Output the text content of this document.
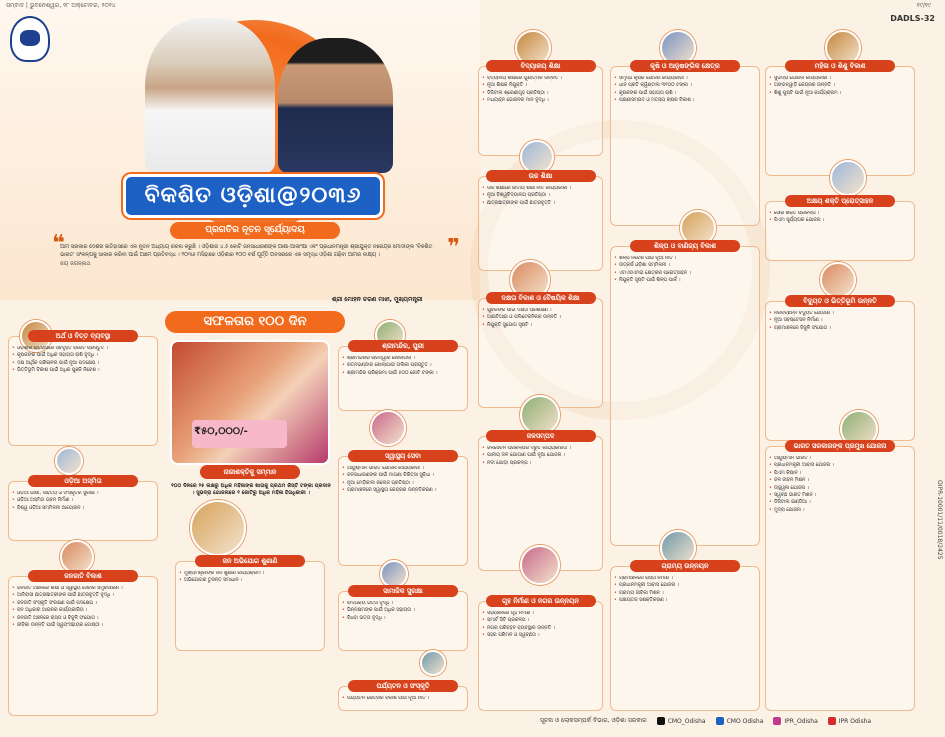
ସମ୍ବାଦ | ଭୁବନେଶ୍ୱର, ୧୮ ଅକ୍ଟୋବର, ୨୦୨୪	୧୯/୧୯
DADLS-32
ବିକଶିତ ଓଡ଼ିଶା@୨୦୩୬
ପ୍ରଗତିର ନୂତନ ସୂର୍ଯ୍ୟୋଦୟ
❝
ଆମ ସରକାର ଦେଶର ଇତିହାସରେ ଏକ ନୂତନ ଅଧ୍ୟାୟ ରଚନା କରୁଛି । ଓଡ଼ିଶାର ୪.୫ କୋଟି ଜନସାଧାରଣଙ୍କ ଆଶା-ଆକାଂକ୍ଷା ଏବଂ ପ୍ରଧାନମନ୍ତ୍ରୀ ଶ୍ରୀଯୁକ୍ତ ନରେନ୍ଦ୍ର ମୋଦୀଙ୍କ 'ବିକଶିତ ଭାରତ' ସଂକଳ୍ପକୁ ସାକାର କରିବା ପାଇଁ ଆମେ ପ୍ରତିବଦ୍ଧ । ୨୦୩୬ ମସିହାରେ ଓଡ଼ିଶାର ୧୦୦ ବର୍ଷ ପୂର୍ତ୍ତି ଅବସରରେ ଏକ ସମୃଦ୍ଧ ଓଡ଼ିଶା ଗଢ଼ିବା ଆମର ଲକ୍ଷ୍ୟ ।
ଜୟ ଜଗନ୍ନାଥ
❞
ଶ୍ରୀ ମୋହନ ଚରଣ ମାଝୀ, ମୁଖ୍ୟମନ୍ତ୍ରୀ
ସଫଳତାର ୧୦୦ ଦିନ
₹୫୦,୦୦୦/-
ନାରୀଶକ୍ତିକୁ ସମ୍ମାନ
୧୦୦ ଦିନରେ ୨୫ ଲକ୍ଷରୁ ଅଧିକ ମହିଳାଙ୍କ ଖାତାକୁ ପ୍ରଥମ କିସ୍ତି ଟଙ୍କା ପ୍ରଦାନ । ସୁଭଦ୍ରା ଯୋଜନାରେ ୧ କୋଟିରୁ ଅଧିକ ମହିଳା ହିତାଧିକାରୀ ।
ଅର୍ଥ ଓ ବିତ୍ତ ବ୍ୟବସ୍ଥା
• ଓଡ଼ିଶାର ଇତିହାସରେ ସର୍ବବୃହତ ବଜେଟ ପ୍ରସ୍ତୁତ ।
• କୃଷକଙ୍କ ପାଇଁ ଅଧିକ ସହାୟତା ରାଶି ବୃଦ୍ଧି ।
• ଦକ୍ଷ ଆର୍ଥିକ ପରିଚାଳନା ପାଇଁ ନୂଆ ପଦକ୍ଷେପ ।
• ଭିତ୍ତିଭୂମି ବିକାଶ ପାଇଁ ଅଧିକ ପୁଞ୍ଜି ନିବେଶ ।
ଓଡ଼ିଆ ଅସ୍ମିତା
• ଓଡ଼ିଆ ଭାଷା, ସାହିତ୍ୟ ଓ ସଂସ୍କୃତିର ସୁରକ୍ଷା ।
• ଓଡ଼ିଆ ଅସ୍ମିତା ଭବନ ନିର୍ମାଣ ।
• ବିଶ୍ୱ ଓଡ଼ିଆ ସମ୍ମିଳନୀ ଆୟୋଜନ ।
ଜନଜାତି ବିକାଶ
• ଜନଜାତି ଅଞ୍ଚଳରେ ଶିକ୍ଷା ଓ ସ୍ୱାସ୍ଥ୍ୟ ସେବାର ସମ୍ପ୍ରସାରଣ ।
• ଆଦିବାସୀ ଛାତ୍ରଛାତ୍ରୀଙ୍କ ପାଇଁ ଛାତ୍ରବୃତ୍ତି ବୃଦ୍ଧି ।
• ଜନଜାତି ସଂସ୍କୃତି ସଂରକ୍ଷଣ ପାଇଁ ପଦକ୍ଷେପ ।
• ବନ ଅଧିକାର ଆଇନର କାର୍ଯ୍ୟକାରିତା ।
• ଜନଜାତି ଅଞ୍ଚଳରେ ରାସ୍ତା ଓ ବିଜୁଳି ସଂଯୋଗ ।
• ଜୀବିକା ଉନ୍ନତି ପାଇଁ ସ୍ୱୟଂସହାୟକ ଗୋଷ୍ଠୀ ।
ଶ୍ରୀମନ୍ଦିର, ପୁରୀ
• ଶ୍ରୀମନ୍ଦିରର ଚାରିଦ୍ୱାର ଖୋଲାଗଲା ।
• ରତ୍ନଭଣ୍ଡାର ଖୋଲାଯାଇ ତାଲିକା ପ୍ରସ୍ତୁତ ।
• ଶ୍ରୀମନ୍ଦିର ପରିକ୍ରମା ପାଇଁ ୫୦୦ କୋଟି ଟଙ୍କା ।
ସ୍ୱାସ୍ଥ୍ୟ ସେବା
• ଆୟୁଷ୍ମାନ ଭାରତ ଯୋଜନା କାର୍ଯ୍ୟକାରୀ ।
• ଜନସାଧାରଣଙ୍କ ପାଇଁ ମାଗଣା ଚିକିତ୍ସା ସୁବିଧା ।
• ନୂଆ ମେଡ଼ିକାଲ କଲେଜ ପ୍ରତିଷ୍ଠା ।
• ଗ୍ରାମାଞ୍ଚଳରେ ସ୍ୱାସ୍ଥ୍ୟ କେନ୍ଦ୍ରର ଉନ୍ନତିକରଣ ।
ସାମାଜିକ ସୁରକ୍ଷା
• ବାର୍ଦ୍ଧକ୍ୟ ଭତ୍ତା ବୃଦ୍ଧି ।
• ଭିନ୍ନକ୍ଷମଙ୍କ ପାଇଁ ଅଧିକ ସହାୟତା ।
• ବିଧବା ଭତ୍ତା ବୃଦ୍ଧି ।
ଜନ ଅଭିଯୋଗ ଶୁଣାଣି
• ମୁଖ୍ୟମନ୍ତ୍ରୀଙ୍କ ଜନ ଶୁଣାଣି କାର୍ଯ୍ୟକ୍ରମ ।
• ଅଭିଯୋଗର ତୁରନ୍ତ ସମାଧାନ ।
ପର୍ଯ୍ୟଟନ ଓ ସଂସ୍କୃତି
• ପର୍ଯ୍ୟଟନ କ୍ଷେତ୍ରର ବିକାଶ ପାଇଁ ନୂଆ ନୀତି ।
ବିଦ୍ୟାଳୟ ଶିକ୍ଷା
• ବିଦ୍ୟାଳୟ ଶିକ୍ଷାରେ ଗୁଣାତ୍ମକ ଉନ୍ନତି ।
• ନୂଆ ଶିକ୍ଷକ ନିଯୁକ୍ତି ।
• ଡିଜିଟାଲ ଶ୍ରେଣୀଗୃହ ପ୍ରତିଷ୍ଠା ।
• ମଧ୍ୟାହ୍ନ ଭୋଜନର ମାନ ବୃଦ୍ଧି ।
ଉଚ୍ଚ ଶିକ୍ଷା
• ଉଚ୍ଚ ଶିକ୍ଷାରେ ଜାତୀୟ ଶିକ୍ଷା ନୀତି କାର୍ଯ୍ୟକାରୀ ।
• ନୂଆ ବିଶ୍ୱବିଦ୍ୟାଳୟ ପ୍ରତିଷ୍ଠା ।
• ଛାତ୍ରଛାତ୍ରୀଙ୍କ ପାଇଁ ଛାତ୍ରବୃତ୍ତି ।
ଦକ୍ଷତା ବିକାଶ ଓ ବୈଷୟିକ ଶିକ୍ଷା
• ଯୁବକଙ୍କ ପାଇଁ ଦକ୍ଷତା ପ୍ରଶିକ୍ଷଣ ।
• ଆଇଟିଆଇ ଓ ପଲିଟେକନିକର ଉନ୍ନତି ।
• ନିଯୁକ୍ତି ସୁଯୋଗ ସୃଷ୍ଟି ।
ଜଳସମ୍ପଦ
• ଜଳସେଚନ ପ୍ରକଳ୍ପର ଦ୍ରୁତ କାର୍ଯ୍ୟକାରିତା ।
• ପାନୀୟ ଜଳ ଯୋଗାଣ ପାଇଁ ନୂଆ ଯୋଜନା ।
• ନଦୀ ଯୋଡ଼ା ପ୍ରକଳ୍ପ ।
ଗୃହ ନିର୍ମାଣ ଓ ନଗର ଉନ୍ନୟନ
• ସହରାଞ୍ଚଳରେ ଗୃହ ନିର୍ମାଣ ।
• ସ୍ମାର୍ଟ ସିଟି ପ୍ରକଳ୍ପ ।
• ନଗର ପରିବହନ ବ୍ୟବସ୍ଥାର ଉନ୍ନତି ।
• ସହର ପରିମଳ ଓ ସ୍ୱଚ୍ଛତା ।
କୃଷି ଓ ଆନୁଷଙ୍ଗିକ କ୍ଷେତ୍ର
• ସମୃଦ୍ଧ କୃଷକ ଯୋଜନା କାର୍ଯ୍ୟକାରୀ ।
• ଧାନ ପ୍ରତି କ୍ୱିଣ୍ଟାଲ ୩୧୦୦ ଟଙ୍କା ।
• କୃଷକଙ୍କ ପାଇଁ ସହାୟତା ରାଶି ।
• ପ୍ରାଣୀସମ୍ପଦ ଓ ମତ୍ସ୍ୟ ଚାଷର ବିକାଶ ।
ଶିଳ୍ପ ଓ ବାଣିଜ୍ୟ ବିକାଶ
• ଶିଳ୍ପ ନିବେଶ ପାଇଁ ନୂଆ ନୀତି ।
• ଉତ୍କର୍ଷ ଓଡ଼ିଶା ସମ୍ମିଳନୀ ।
• ଏମଏସଏମଇ କ୍ଷେତ୍ରର ପ୍ରୋତ୍ସାହନ ।
• ନିଯୁକ୍ତି ସୃଷ୍ଟି ପାଇଁ ଶିଳ୍ପ ପାର୍କ ।
ଗ୍ରାମ୍ୟ ଉନ୍ନୟନ
• ଗ୍ରାମାଞ୍ଚଳରେ ରାସ୍ତା ନିର୍ମାଣ ।
• ପ୍ରଧାନମନ୍ତ୍ରୀ ଆବାସ ଯୋଜନା ।
• ଗ୍ରାମ୍ୟ ଜୀବିକା ମିଶନ ।
• ପଞ୍ଚାୟତର ସଶକ୍ତିକରଣ ।
ମହିଳା ଓ ଶିଶୁ ବିକାଶ
• ସୁଭଦ୍ରା ଯୋଜନା କାର୍ଯ୍ୟକାରୀ ।
• ଅଙ୍ଗନୱାଡ଼ି କେନ୍ଦ୍ରର ଉନ୍ନତି ।
• ଶିଶୁ ପୁଷ୍ଟି ପାଇଁ ନୂଆ କାର୍ଯ୍ୟକ୍ରମ ।
ଅକ୍ଷୟ ଶକ୍ତି ପ୍ରୋତ୍ସାହନ
• ସୌର ଶକ୍ତି ପ୍ରକଳ୍ପ ।
• ପିଏମ ସୂର୍ଯ୍ୟଘର ଯୋଜନା ।
ବିଦ୍ୟୁତ ଓ ଭିତ୍ତିଭୂମି ଉନ୍ନତି
• ନିରବଚ୍ଛିନ୍ନ ବିଦ୍ୟୁତ ଯୋଗାଣ ।
• ନୂଆ ସବଷ୍ଟେସନ ନିର୍ମାଣ ।
• ଗ୍ରାମାଞ୍ଚଳରେ ବିଜୁଳି ସଂଯୋଗ ।
ଭାରତ ସରକାରଙ୍କ ପ୍ରମୁଖ ଯୋଜନା
• ଆୟୁଷ୍ମାନ ଭାରତ ।
• ପ୍ରଧାନମନ୍ତ୍ରୀ ଆବାସ ଯୋଜନା ।
• ପିଏମ କିଷାନ ।
• ଜଳ ଜୀବନ ମିଶନ ।
• ଉଜ୍ଜ୍ୱଳା ଯୋଜନା ।
• ସ୍ୱଚ୍ଛ ଭାରତ ମିଶନ ।
• ଡିଜିଟାଲ ଇଣ୍ଡିଆ ।
• ମୁଦ୍ରା ଯୋଜନା ।
ସୂଚନା ଓ ଲୋକସମ୍ପର୍କ ବିଭାଗ, ଓଡ଼ିଶା ସରକାର	CMO_Odisha	CMO Odisha	IPR_Odisha	IPR Odisha
OIPR-10001/11/0018/2425
